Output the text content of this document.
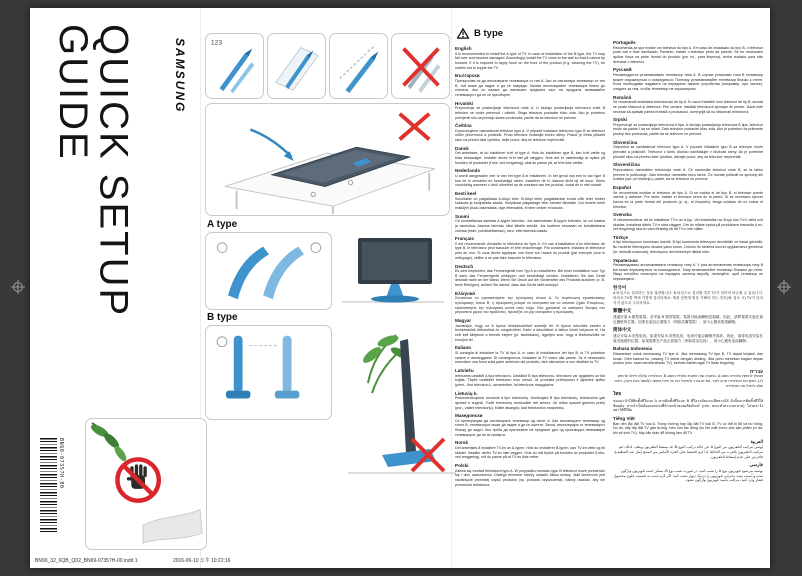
QUICK SETUP GUIDE	SAMSUNG	123
A type
B type
B type
English
It is recommended to install the A type of TV. In case of installation of the B type, the TV may fall over and become damaged. Accordingly, install the TV close to the wall so that it cannot tip forward. If it is required to apply force on the front of the product (e.g. cleaning the TV), be careful not to topple the TV.
Български
Препоръчва се да инсталирате телевизора от тип A. Ако се инсталира телевизор от тип B, той може да падне и да се повреди. Затова инсталирайте телевизора близо до стената. Ако се налага да натискате предната част на продукта, внимавайте телевизорът да не се преобърне.
Hrvatski
Preporučuje se postavljanje televizora vrste A. U slučaju postavljanja televizora vrste B televizor se može prevrnuti i oštetiti. Stoga televizor postavite blizu zida. Ako je potrebno primijeniti silu na prednju stranu proizvoda, pazite da se televizor ne prevrne.
Čeština
Doporučujeme nainstalovat televizor typu A. V případě instalace televizoru typu B se televizor může převrhnout a poškodit. Proto televizor instalujte blízko stěny. Pokud je třeba působit silou na přední část výrobku, dejte pozor, aby se televizor nepřevrátil.
Dansk
Det anbefales, at du installerer tv'et af type A. Hvis du installerer type B, kan tv'et vælte og blive beskadiget. Installér derfor tv'et tæt på væggen. Hvis det er nødvendigt at trykke på forsiden af produktet (f.eks. ved rengøring), skal du passe på, at tv'et ikke vælter.
Nederlands
U wordt aangeraden een tv van het type A te installeren. In het geval van een tv van type B kan de tv omvallen en beschadigd raken. Installeer de tv daarom dicht bij de muur. Wees voorzichtig wanneer u druk uitoefent op de voorkant van het product, zodat de tv niet omvalt.
Eesti keel
Soovitatav on paigaldada A-tüüpi teler. B-tüüpi teleri paigaldamise korral võib teler ümber kukkuda ja kahjustada saada. Seepärast paigaldage teler seinale lähedale. Kui tootele tuleb esiküljelt jõudu rakendada, olge ettevaatlik, et teler ümber ei kukuks.
Suomi
On suositeltavaa asentaa A-tyypin televisio. Jos asennetaan B-tyypin televisio, se voi kaatua ja vaurioitua. Asenna televisio siksi lähelle seinää. Jos tuotteen etuosaan on kohdistettava voimaa (esim. puhdistettaessa), varo, ettei televisio kaadu.
Français
Il est recommandé d'installer le téléviseur de type A. En cas d'installation d'un téléviseur de type B, le téléviseur peut basculer et être endommagé. Par conséquent, installez le téléviseur près du mur. Si vous devez appliquer une force sur l'avant du produit (par exemple pour le nettoyage), veillez à ne pas faire basculer le téléviseur.
Deutsch
Es wird empfohlen, das Fernsehgerät vom Typ A zu installieren. Bei einer Installation vom Typ B kann das Fernsehgerät umkippen und beschädigt werden. Installieren Sie das Gerät deshalb nahe an der Wand. Wenn Sie Druck auf die Vorderseite des Produkts ausüben (z. B. beim Reinigen), achten Sie darauf, dass das Gerät nicht umkippt.
Ελληνικά
Συνιστάται να εγκαταστήσετε την τηλεόραση τύπου A. Σε περίπτωση εγκατάστασης τηλεόρασης τύπου B, η τηλεόραση μπορεί να ανατραπεί και να υποστεί ζημιά. Επομένως, εγκαταστήστε την τηλεόραση κοντά στον τοίχο. Εάν χρειαστεί να ασκήσετε δύναμη στο μπροστινό μέρος του προϊόντος, προσέξτε να μην ανατραπεί η τηλεόραση.
Magyar
Javasoljuk, hogy az A típusú tévékészüléket szerelje fel. B típusú készülék esetén a tévékészülék felborulhat és megsérülhet. Ezért a készüléket a falhoz közel helyezze el. Ha erőt kell kifejtenie a termék elejére (pl. tisztításkor), ügyeljen arra, hogy a tévékészülék ne boruljon fel.
Italiano
Si consiglia di installare la TV di tipo A. In caso di installazione del tipo B, la TV potrebbe cadere e danneggiarsi. Di conseguenza, installare la TV vicino alla parete. Se è necessario esercitare una forza sulla parte anteriore del prodotto, fare attenzione a non ribaltare la TV.
Latviešu
Ieteicams uzstādīt A tipa televizoru. Uzstādot B tipa televizoru, televizors var apgāzties un tikt bojāts. Tāpēc uzstādiet televizoru tuvu sienai. Ja produkta priekšpusei ir jāpieliek spēks (piem., tīrot televizoru), uzmanieties, lai televizors neapgāztos.
Lietuvių k.
Rekomenduojama montuoti A tipo televizorių. Montuojant B tipo televizorių, televizorius gali apvirsti ir sugesti. Todėl televizorių montuokite arti sienos. Jei reikia spausti gaminio priekį (pvz., valant televizorių), būkite atsargūs, kad televizorius neapvirstų.
Македонски
Се препорачува да инсталирате телевизор од типот A. Ако инсталирате телевизор од типот B, телевизорот може да падне и да се оштети. Затоа, инсталирајте го телевизорот блиску до ѕидот. Ако треба да притискате на предниот дел од производот, внимавајте телевизорот да не се преврти.
Norsk
Det anbefales å installere TV-en av A-typen. Hvis du installerer B-typen, kan TV-en velte og bli skadet. Installer derfor TV-en nær veggen. Hvis du må trykke på forsiden av produktet (f.eks. ved rengjøring), må du passe på at TV-en ikke velter.
Polski
Zaleca się montaż telewizora typu A. W przypadku montażu typu B telewizor może przewrócić się i ulec uszkodzeniu. Dlatego telewizor należy ustawić blisko ściany. Jeśli konieczne jest naciśnięcie przedniej części produktu (np. podczas czyszczenia), należy uważać, aby nie przewrócić telewizora.
Português
Recomenda-se que instale um televisor do tipo A. Em caso de instalação do tipo B, o televisor pode cair e ficar danificado. Portanto, instale o televisor perto da parede. Se for necessário aplicar força na parte frontal do produto (por ex., para limpeza), tenha cuidado para não derrubar o televisor.
Русский
Рекомендуется устанавливать телевизор типа A. В случае установки типа B телевизор может опрокинуться и повредиться. Поэтому устанавливайте телевизор близко к стене. Если необходимо надавить на переднюю панель устройства (например, при чистке), следите за тем, чтобы телевизор не опрокинулся.
Română
Se recomandă instalarea televizorului de tip A. În cazul instalării unui televizor de tip B, acesta se poate răsturna și deteriora. Prin urmare, instalați televizorul aproape de perete. Dacă este necesar să apăsați partea frontală a produsului, aveți grijă să nu răsturnați televizorul.
Srpski
Preporučuje se postavljanje televizora A tipa. U slučaju postavljanja televizora B tipa, televizor može da padne i da se ošteti. Zato televizor postavite blizu zida. Ako je potrebno da pritisnete prednji deo proizvoda, pazite da se televizor ne prevrne.
Slovenčina
Odporúča sa nainštalovať televízor typu A. V prípade inštalácie typu B sa televízor môže prevrátiť a poškodiť. Televízor z tohto dôvodu nainštalujte v blízkosti steny. Ak je potrebné pôsobiť silou na prednú časť výrobku, dávajte pozor, aby sa televízor neprevrátil.
Slovenščina
Priporočamo namestitev televizorja vrste A. Če namestite televizor vrste B, se ta lahko prevrne in poškoduje. Zato televizor namestite blizu stene. Če morate pritisniti na sprednji del izdelka (npr. pri čiščenju), pazite, da se televizor ne prevrne.
Español
Se recomienda instalar el televisor de tipo A. Si se instala el de tipo B, el televisor puede caerse y dañarse. Por tanto, instale el televisor cerca de la pared. Si es necesario ejercer fuerza en la parte frontal del producto (p. ej., al limpiarlo), tenga cuidado de no volcar el televisor.
Svenska
Vi rekommenderar att du installerar TV:n av A-typ. Vid installation av B-typ kan TV:n välta och skadas. Installera därför TV:n nära väggen. Om du måste trycka på produktens framsida (t.ex. vid rengöring) ska du vara försiktig så att TV:n inte välter.
Türkçe
A tipi televizyonun kurulması önerilir. B tipi kurulumda televizyon devrilebilir ve hasar görebilir. Bu nedenle televizyonu duvara yakın kurun. Ürünün ön tarafına kuvvet uygulamanız gerekirse (ör. temizlik sırasında), televizyonu devirmemeye dikkat edin.
Українська
Рекомендовано встановлювати телевізор типу A. У разі встановлення телевізора типу B він може перекинутися та пошкодитися. Тому встановлюйте телевізор близько до стіни. Якщо потрібно натиснути на передню частину виробу, пильнуйте, щоб телевізор не перекинувся.
한국어
A 타입으로 설치하는 것을 권장합니다. B 타입으로 설치할 경우 TV가 넘어져 파손될 수 있습니다. 따라서 TV를 벽에 가깝게 설치하세요. 제품 앞면에 힘을 가해야 하는 경우(예: 청소 시) TV가 넘어지지 않도록 주의하세요.
繁體中文
建議安裝 A 類型電視。若安裝 B 類型電視，電視可能會翻倒並損壞。因此，請將電視安裝在靠近牆壁的位置。如需在產品正面施力（例如清潔電視），請小心避免電視翻倒。
简体中文
建议安装 A 类型电视。如果安装 B 类型电视，电视可能会翻倒并损坏。因此，请将电视安装在靠近墙壁的位置。如果需要在产品正面施力（例如清洁电视），请小心避免电视翻倒。
Bahasa Indonesia
Disarankan untuk memasang TV tipe A. Jika memasang TV tipe B, TV dapat terjatuh dan rusak. Oleh karena itu, pasang TV dekat dengan dinding. Jika perlu menekan bagian depan produk (mis. saat membersihkan TV), berhati-hatilah agar TV tidak terguling.
עברית
מומלץ להתקין טלוויזיה מסוג A. במקרה של התקנת טלוויזיה מסוג B, הטלוויזיה עלולה ליפול ולהינזק. לכן, התקן את הטלוויזיה קרוב לקיר. אם יש צורך להפעיל כוח על חזית המוצר (למשל בעת ניקוי), היזהר שלא להפיל את הטלוויזיה.
ไทย
ขอแนะนำให้ติดตั้งทีวีแบบ A หากติดตั้งทีวีแบบ B ทีวีอาจล้มและเสียหายได้ ดังนั้นควรติดตั้งทีวีให้ชิดผนัง หากจำเป็นต้องออกแรงที่ด้านหน้าของผลิตภัณฑ์ (เช่น ขณะทำความสะอาด) โปรดระวังอย่าให้ทีวีล้ม
Tiếng Việt
Bạn nên lắp đặt TV loại A. Trong trường hợp lắp đặt TV loại B, TV có thể bị đổ và hư hỏng. Do đó, hãy lắp đặt TV gần tường. Nếu cần tác động lực lên mặt trước của sản phẩm (ví dụ: khi vệ sinh TV), hãy cẩn thận để không làm đổ TV.
العربية
يُوصى بتركيب التلفزيون من النوع A. في حالة تركيب النوع B، قد يسقط التلفزيون ويتلف. لذلك، قم بتركيب التلفزيون بالقرب من الحائط. إذا لزم الضغط على الجزء الأمامي من المنتج (مثل عند التنظيف)، فاحرص على عدم إسقاط التلفزيون.
فارسی
توصیه می‌شود تلویزیون نوع A را نصب کنید. در صورت نصب نوع B، ممکن است تلویزیون واژگون شده و آسیب ببیند. بنابراین تلویزیون را نزدیک دیوار نصب کنید. اگر لازم است به قسمت جلوی محصول فشار وارد کنید، مراقب باشید تلویزیون واژگون نشود.
BN68-07357H-00
BN90_32_6QB_Q02_BN69-07357H-00.indd 1	2016-06-10 오후 10:22:16
